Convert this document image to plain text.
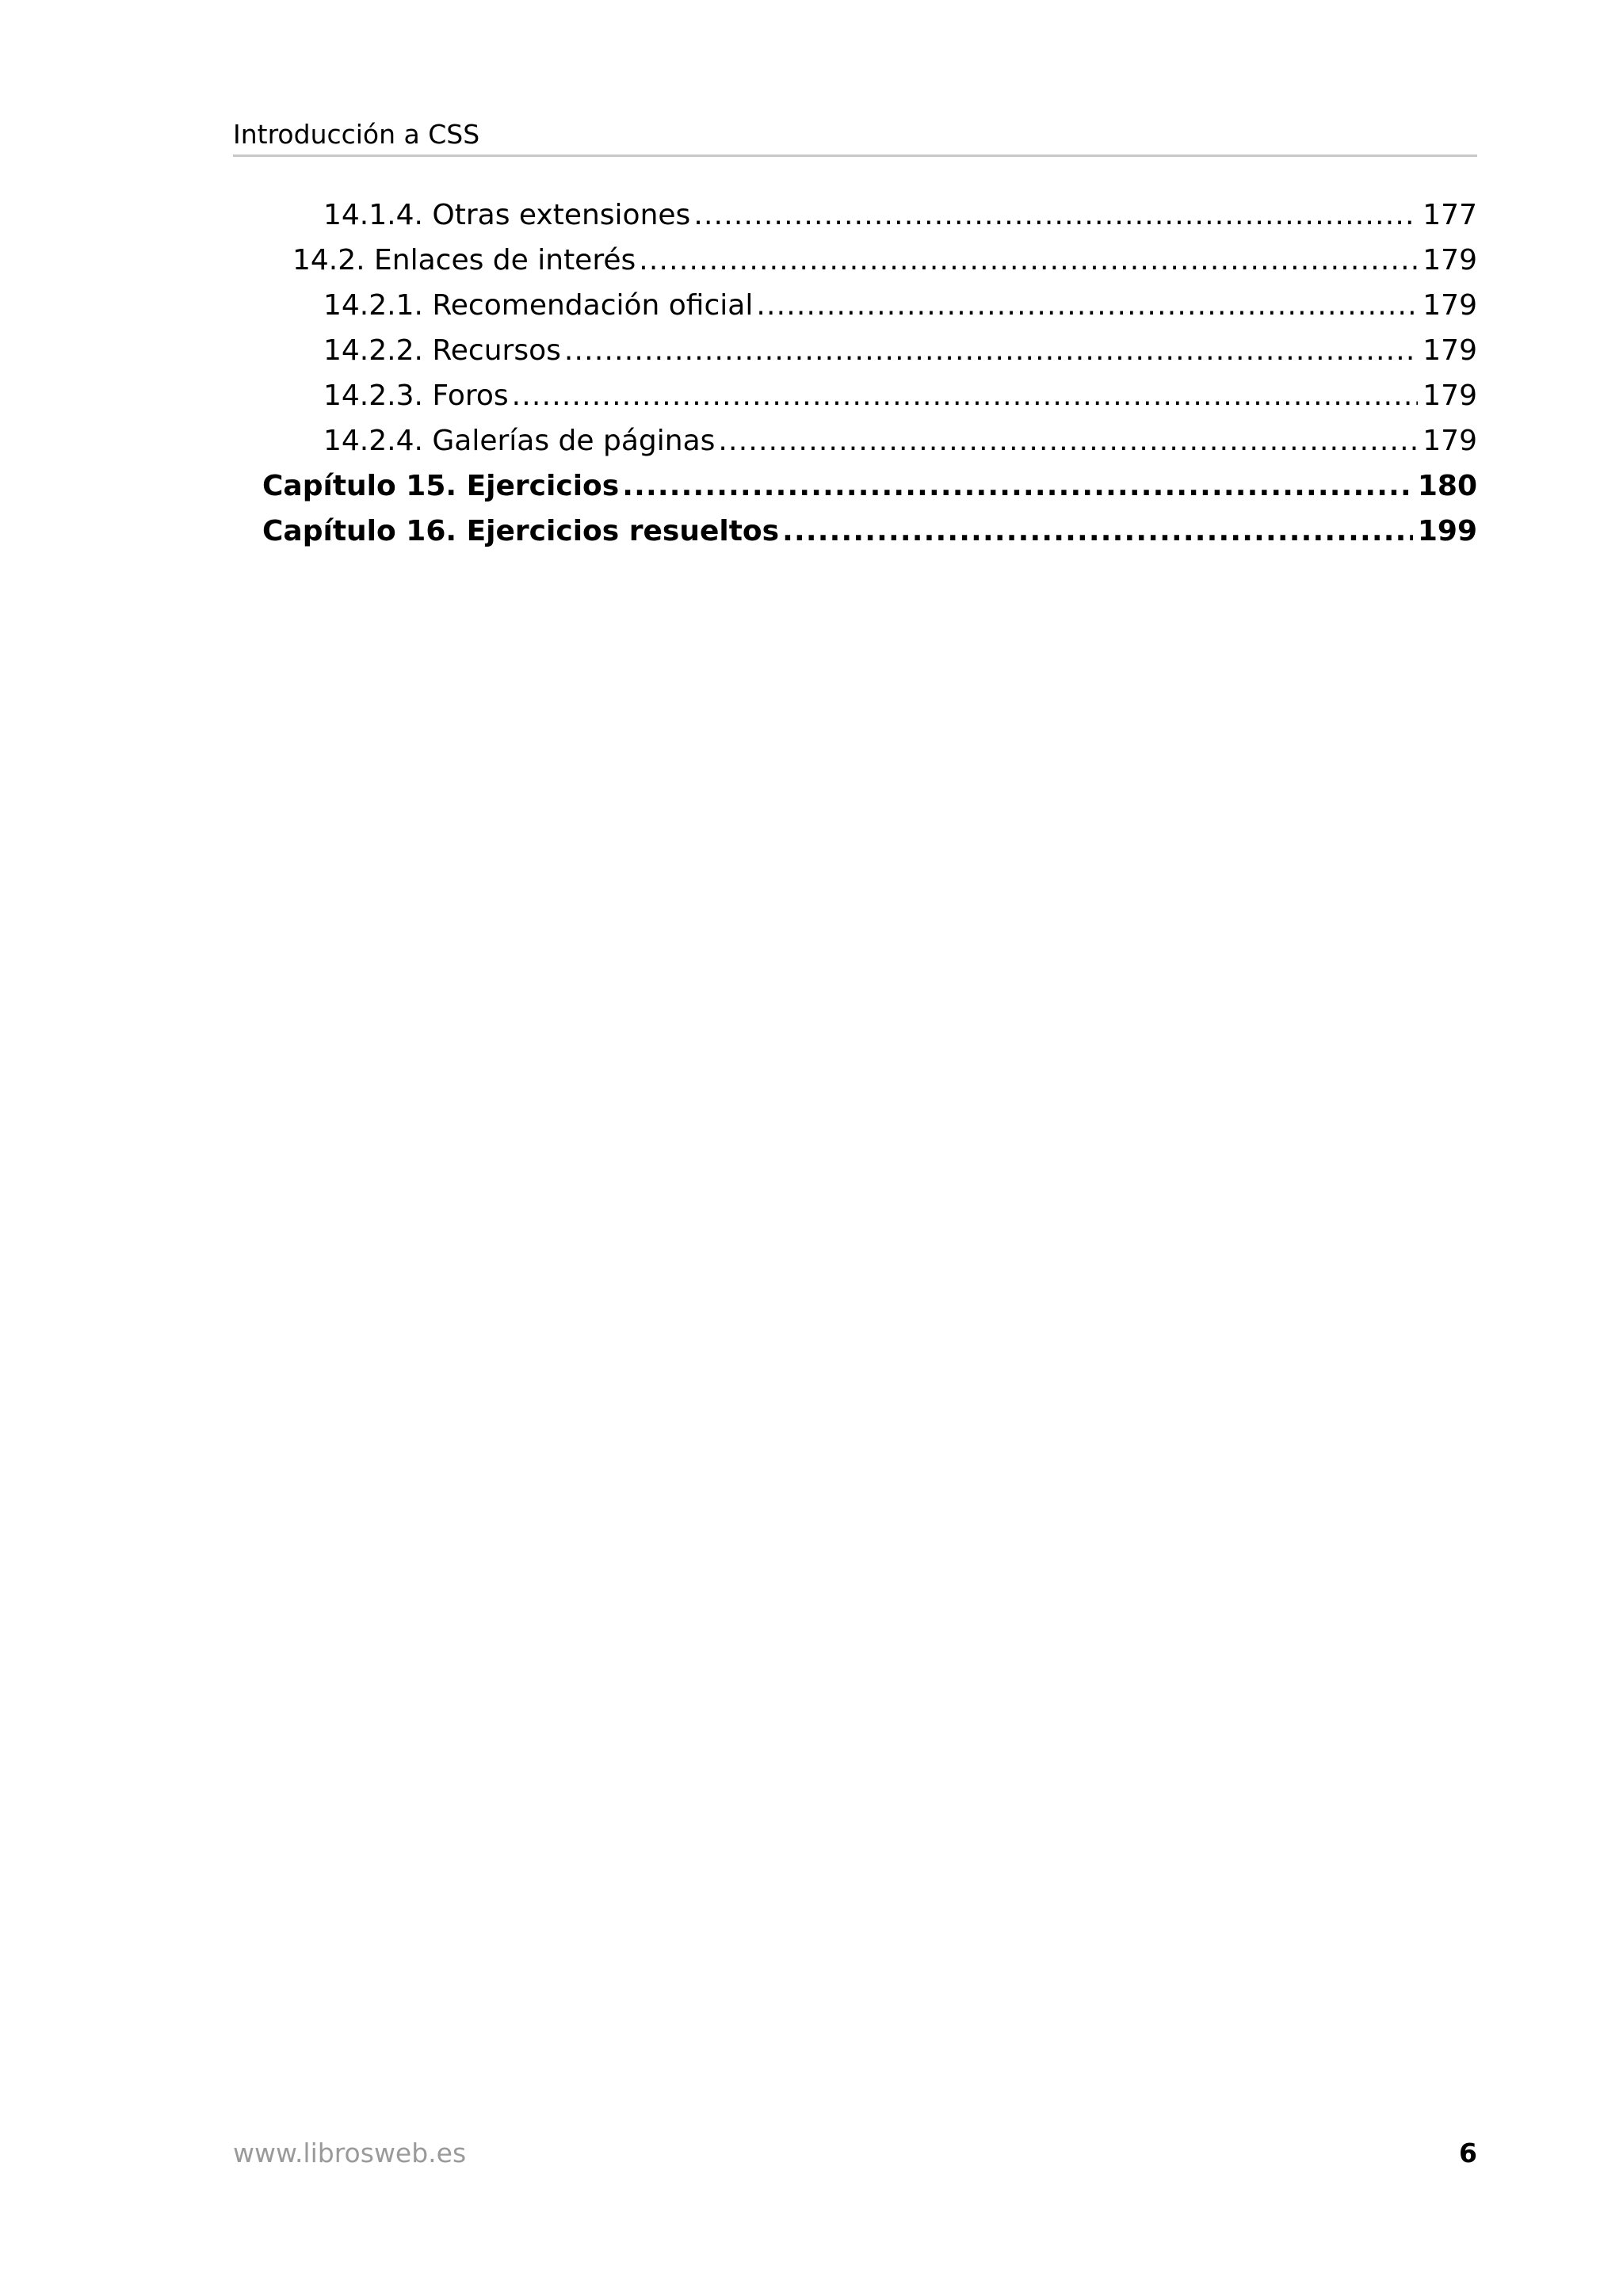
Introducción a CSS
14.1.4. Otras extensiones .....	177
14.2. Enlaces de interés .....	179
14.2.1. Recomendación oficial .....	179
14.2.2. Recursos .....	179
14.2.3. Foros .....	179
14.2.4. Galerías de páginas .....	179
Capítulo 15. Ejercicios .....	180
Capítulo 16. Ejercicios resueltos .....	199
www.librosweb.es	6
